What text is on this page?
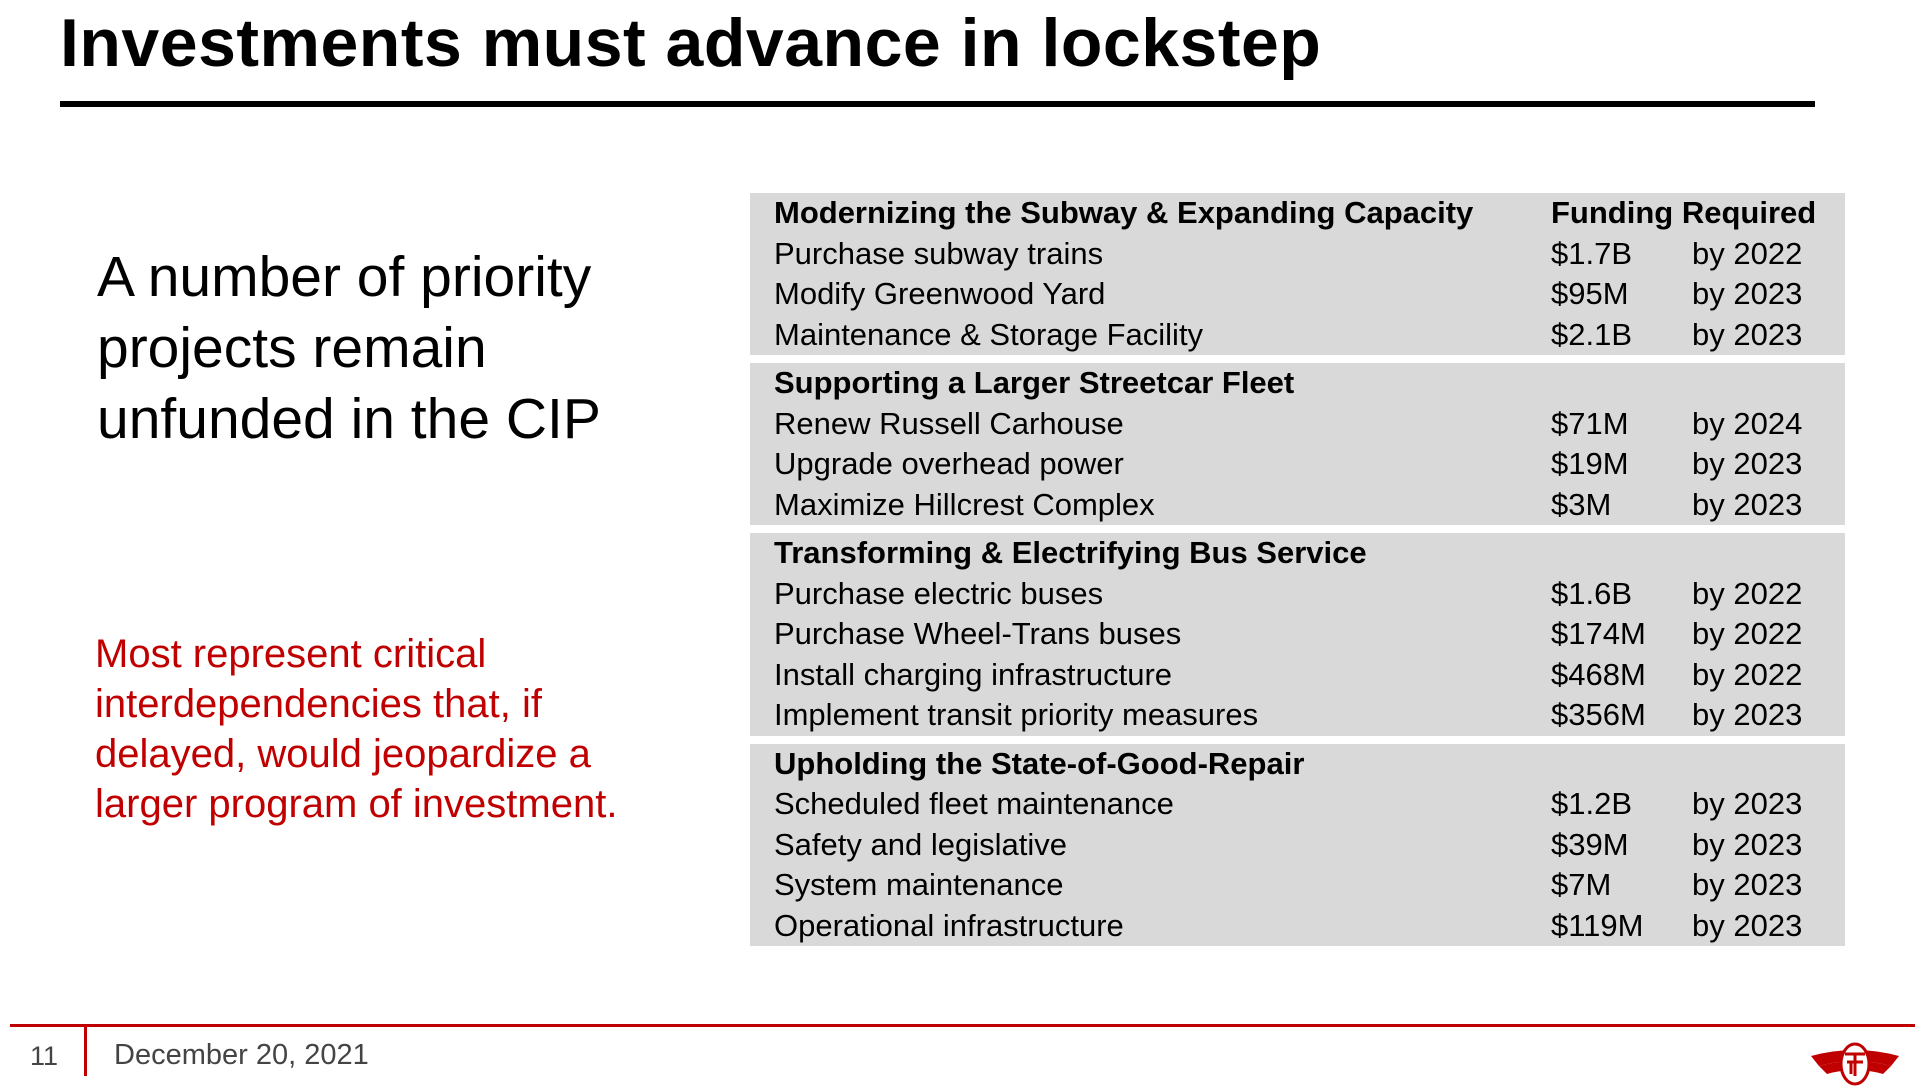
Investments must advance in lockstep
A number of priority projects remain unfunded in the CIP
Most represent critical interdependencies that, if delayed, would jeopardize a larger program of investment.
Modernizing the Subway & Expanding Capacity	Funding Required
Purchase subway trains	$1.7B	by 2022
Modify Greenwood Yard	$95M	by 2023
Maintenance & Storage Facility	$2.1B	by 2023
Supporting a Larger Streetcar Fleet
Renew Russell Carhouse	$71M	by 2024
Upgrade overhead power	$19M	by 2023
Maximize Hillcrest Complex	$3M	by 2023
Transforming & Electrifying Bus Service
Purchase electric buses	$1.6B	by 2022
Purchase Wheel-Trans buses	$174M	by 2022
Install charging infrastructure	$468M	by 2022
Implement transit priority measures	$356M	by 2023
Upholding the State-of-Good-Repair
Scheduled fleet maintenance	$1.2B	by 2023
Safety and legislative	$39M	by 2023
System maintenance	$7M	by 2023
Operational infrastructure	$119M	by 2023
11 December 20, 2021
